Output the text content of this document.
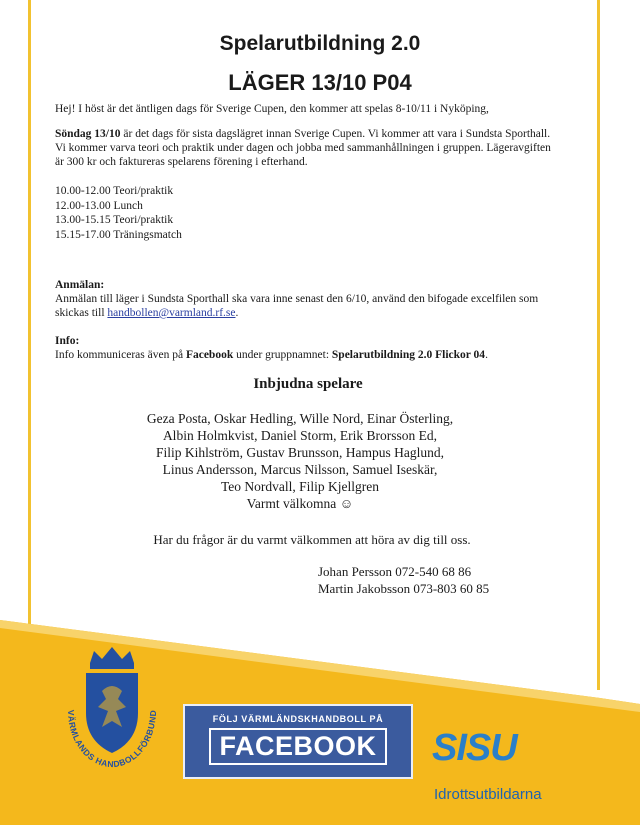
Spelarutbildning 2.0
LÄGER 13/10 P04
Hej! I höst är det äntligen dags för Sverige Cupen, den kommer att spelas 8-10/11 i Nyköping,
Söndag 13/10 är det dags för sista dagslägret innan Sverige Cupen. Vi kommer att vara i Sundsta Sporthall. Vi kommer varva teori och praktik under dagen och jobba med sammanhållningen i gruppen. Lägeravgiften är 300 kr och faktureras spelarens förening i efterhand.
10.00-12.00 Teori/praktik
12.00-13.00 Lunch
13.00-15.15 Teori/praktik
15.15-17.00 Träningsmatch
Anmälan:
Anmälan till läger i Sundsta Sporthall ska vara inne senast den 6/10, använd den bifogade excelfilen som skickas till handbollen@varmland.rf.se.
Info:
Info kommuniceras även på Facebook under gruppnamnet: Spelarutbildning 2.0 Flickor 04.
Inbjudna spelare
Geza Posta, Oskar Hedling, Wille Nord, Einar Österling,
Albin Holmkvist, Daniel Storm, Erik Brorsson Ed,
Filip Kihlström, Gustav Brunsson, Hampus Haglund,
Linus Andersson, Marcus Nilsson, Samuel Iseskär,
Teo Nordvall, Filip Kjellgren
Varmt välkomna ☺
Har du frågor är du varmt välkommen att höra av dig till oss.
Johan Persson 072-540 68 86
Martin Jakobsson 073-803 60 85
VÄRMLANDS HANDBOLLFÖRBUND
FÖLJ VÄRMLÄNDSKHANDBOLL PÅ
FACEBOOK	SISU
Idrottsutbildarna
